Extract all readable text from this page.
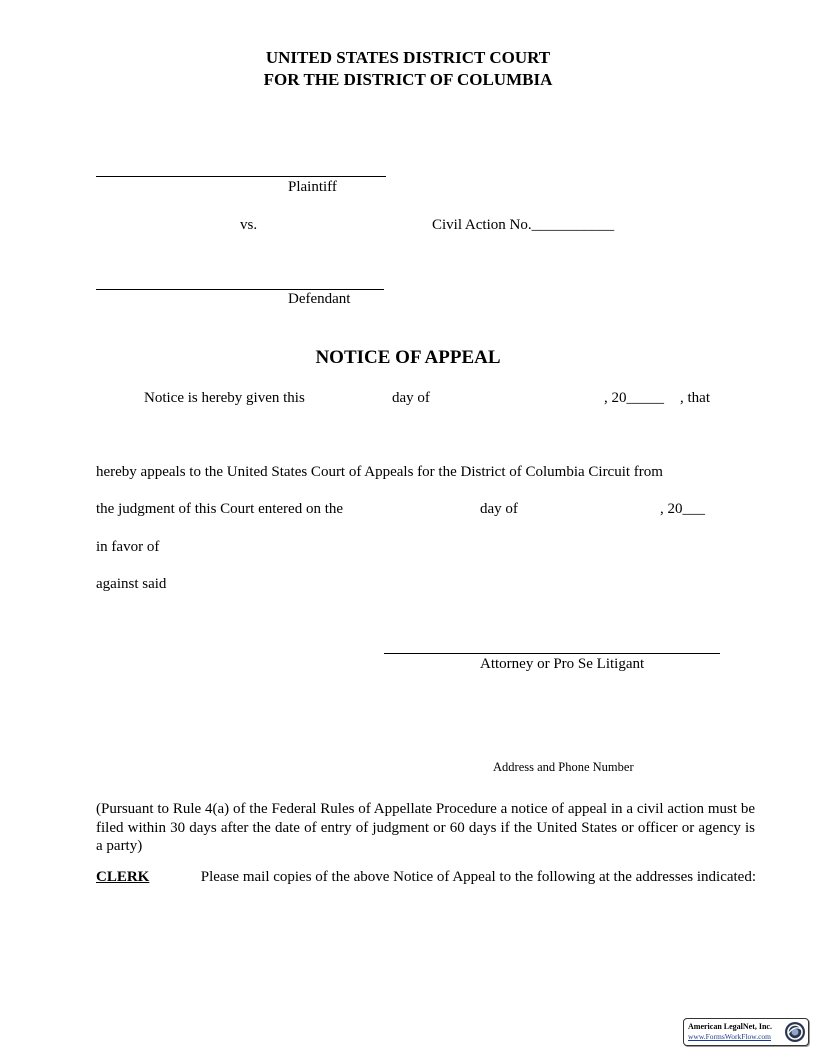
UNITED STATES DISTRICT COURT
FOR THE DISTRICT OF COLUMBIA
Plaintiff
vs.	Civil Action No.___________
Defendant
NOTICE OF APPEAL
Notice is hereby given this	day of	, 20_____ , that
hereby appeals to the United States Court of Appeals for the District of Columbia Circuit from
the judgment of this Court entered on the	day of	, 20___
in favor of
against said
Attorney or Pro Se Litigant
Address and Phone Number
(Pursuant to Rule 4(a) of the Federal Rules of Appellate Procedure a notice of appeal in a civil action must be filed within 30 days after the date of entry of judgment or 60 days if the United States or officer or agency is a party)
CLERK	Please mail copies of the above Notice of Appeal to the following at the addresses indicated:
American LegalNet, Inc.
www.FormsWorkFlow.com
